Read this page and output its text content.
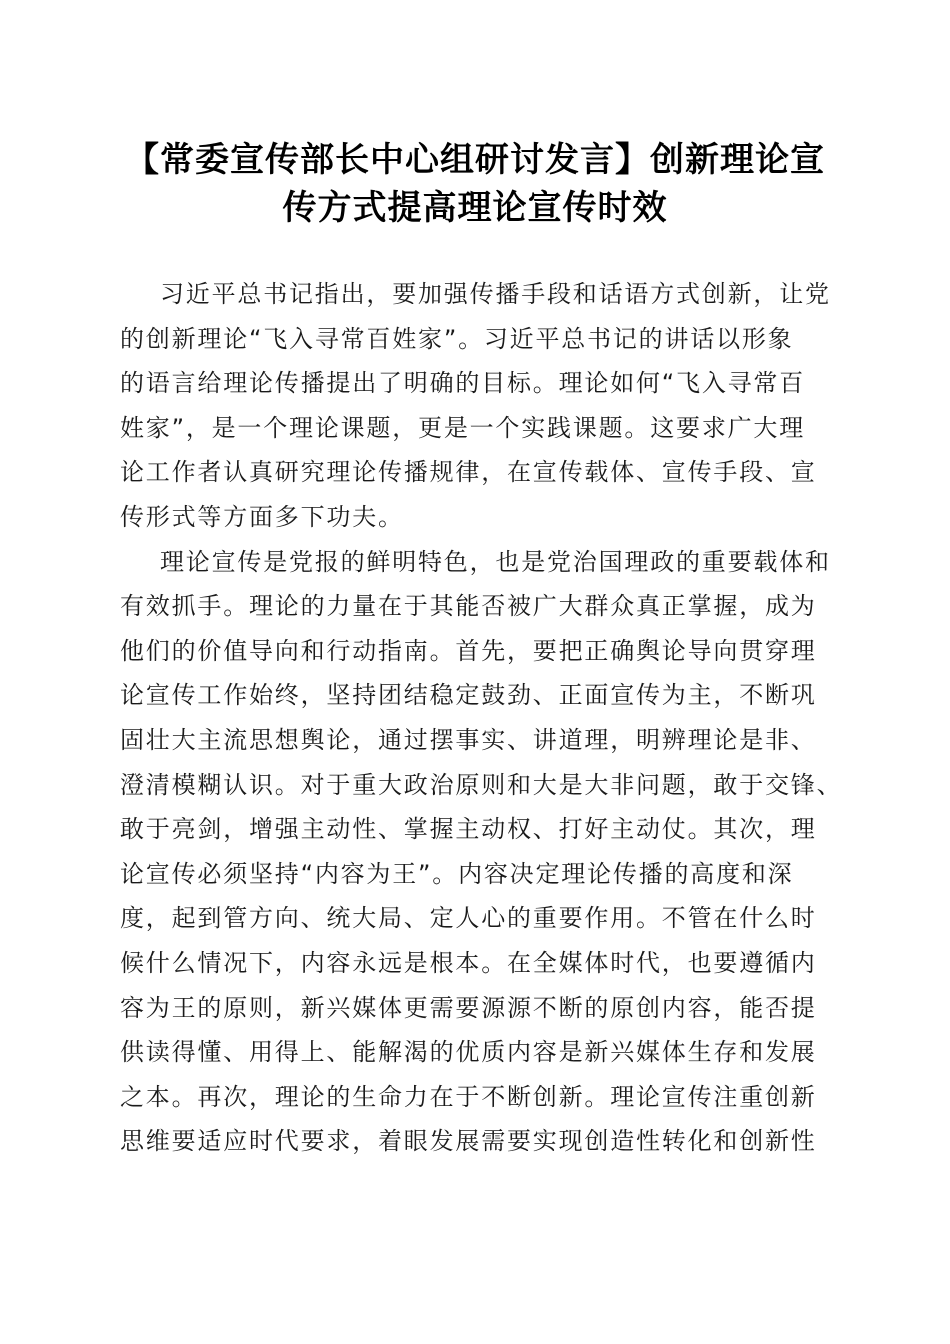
【常委宣传部长中心组研讨发言】创新理论宣
传方式提高理论宣传时效

习近平总书记指出，要加强传播手段和话语方式创新，让党
的创新理论“飞入寻常百姓家”。习近平总书记的讲话以形象
的语言给理论传播提出了明确的目标。理论如何“飞入寻常百
姓家”，是一个理论课题，更是一个实践课题。这要求广大理
论工作者认真研究理论传播规律，在宣传载体、宣传手段、宣
传形式等方面多下功夫。

理论宣传是党报的鲜明特色，也是党治国理政的重要载体和
有效抓手。理论的力量在于其能否被广大群众真正掌握，成为
他们的价值导向和行动指南。首先，要把正确舆论导向贯穿理
论宣传工作始终，坚持团结稳定鼓劲、正面宣传为主，不断巩
固壮大主流思想舆论，通过摆事实、讲道理，明辨理论是非、
澄清模糊认识。对于重大政治原则和大是大非问题，敢于交锋、
敢于亮剑，增强主动性、掌握主动权、打好主动仗。其次，理
论宣传必须坚持“内容为王”。内容决定理论传播的高度和深
度，起到管方向、统大局、定人心的重要作用。不管在什么时
候什么情况下，内容永远是根本。在全媒体时代，也要遵循内
容为王的原则，新兴媒体更需要源源不断的原创内容，能否提
供读得懂、用得上、能解渴的优质内容是新兴媒体生存和发展
之本。再次，理论的生命力在于不断创新。理论宣传注重创新
思维要适应时代要求，着眼发展需要实现创造性转化和创新性
